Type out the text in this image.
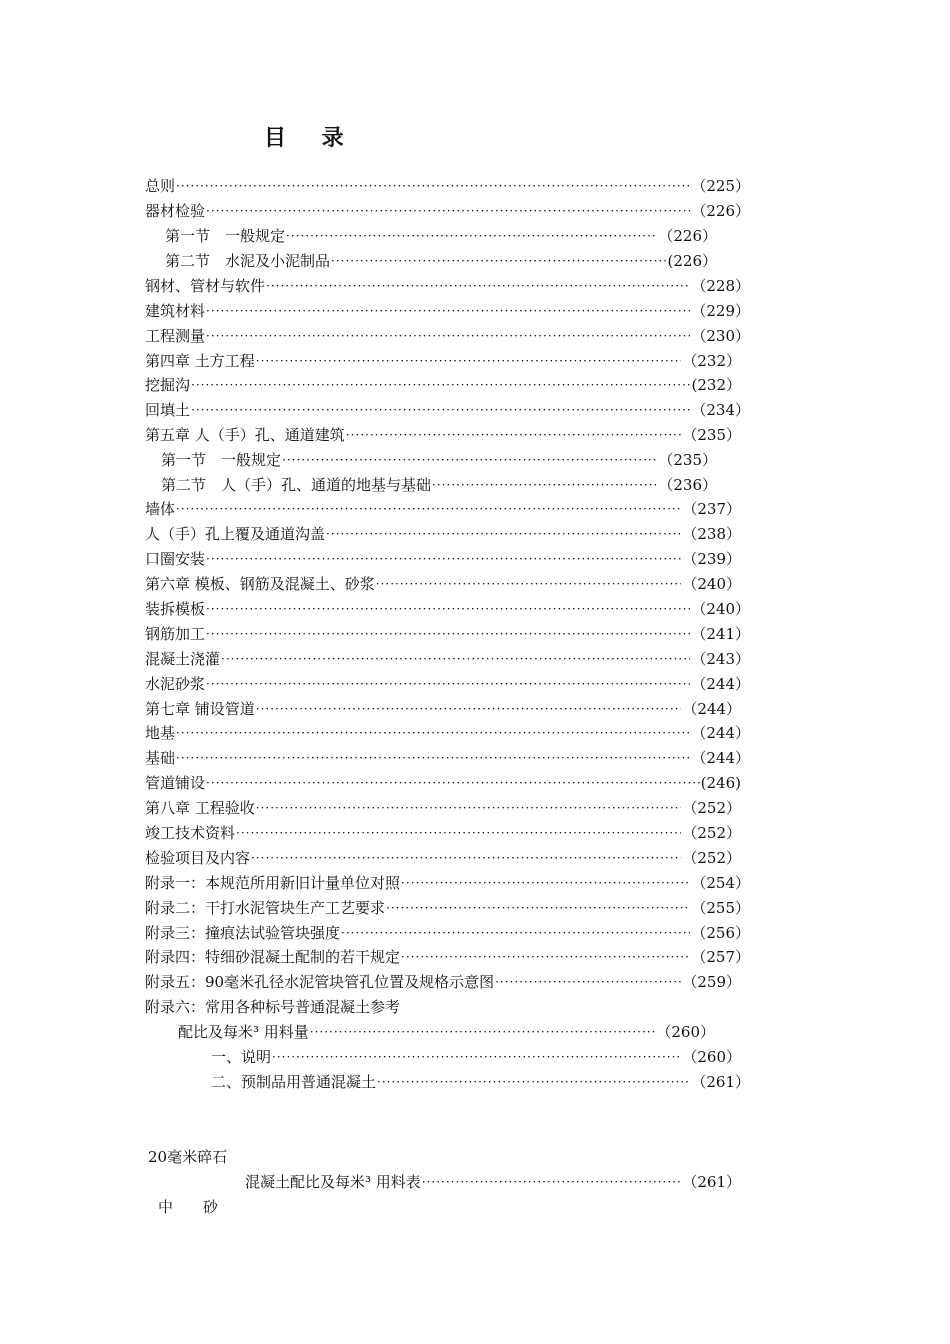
目 录
总则 ·····	（225）
器材检验 ·····	（226）
第一节　一般规定 ·····	（226）
第二节　水泥及小泥制品 ·····	(226）
钢材、管材与软件 ·····	（228）
建筑材料 ·····	（229）
工程测量 ·····	（230）
第四章 土方工程 ·····	（232）
挖掘沟 ·····	(232）
回填土 ·····	（234）
第五章 人（手）孔、通道建筑 ·····	（235）
第一节　一般规定 ·····	（235）
第二节　人（手）孔、通道的地基与基础 ·····	（236）
墙体 ·····	（237）
人（手）孔上覆及通道沟盖 ·····	（238）
口圈安装 ·····	（239）
第六章 模板、钢筋及混凝土、砂浆 ·····	（240）
装拆模板 ·····	（240）
钢筋加工 ·····	（241）
混凝土浇灌 ·····	（243）
水泥砂浆 ·····	（244）
第七章 铺设管道 ·····	（244）
地基 ·····	（244）
基础 ·····	（244）
管道铺设 ·····	(246)
第八章 工程验收 ·····	（252）
竣工技术资料 ·····	（252）
检验项目及内容 ·····	（252）
附录一：本规范所用新旧计量单位对照 ·····	（254）
附录二：干打水泥管块生产工艺要求 ·····	（255）
附录三：撞痕法试验管块强度 ·····	（256）
附录四：特细砂混凝土配制的若干规定 ·····	（257）
附录五：90毫米孔径水泥管块管孔位置及规格示意图 ·····	（259）
附录六：常用各种标号普通混凝土参考
配比及每米³ 用料量 ·····	（260）
一、说明 ·····	（260）
二、预制品用普通混凝土 ·····	（261）
20毫米碎石
混凝土配比及每米³ 用料表 ·····	（261）
中　　砂
